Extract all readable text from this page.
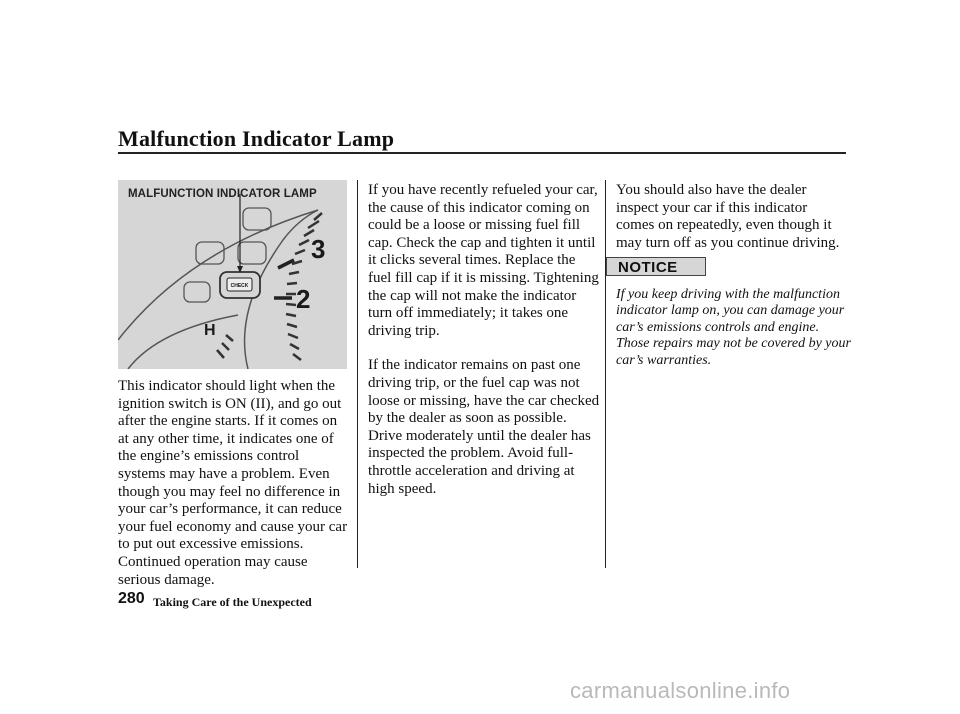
Malfunction Indicator Lamp
CHECK
3
2
H
MALFUNCTION INDICATOR LAMP

This indicator should light when the ignition switch is ON (II), and go out after the engine starts. If it comes on at any other time, it indicates one of the engine’s emissions control systems may have a problem. Even though you may feel no difference in your car’s performance, it can reduce your fuel economy and cause your car to put out excessive emissions. Continued operation may cause serious damage.

If you have recently refueled your car, the cause of this indicator coming on could be a loose or missing fuel fill cap. Check the cap and tighten it until it clicks several times. Replace the fuel fill cap if it is missing. Tightening the cap will not make the indicator turn off immediately; it takes one driving trip.

If the indicator remains on past one driving trip, or the fuel cap was not loose or missing, have the car checked by the dealer as soon as possible. Drive moderately until the dealer has inspected the problem. Avoid full-throttle acceleration and driving at high speed.

You should also have the dealer inspect your car if this indicator comes on repeatedly, even though it may turn off as you continue driving.

NOTICE
If you keep driving with the malfunction indicator lamp on, you can damage your car’s emissions controls and engine. Those repairs may not be covered by your car’s warranties.
280 Taking Care of the Unexpected
carmanualsonline.info
